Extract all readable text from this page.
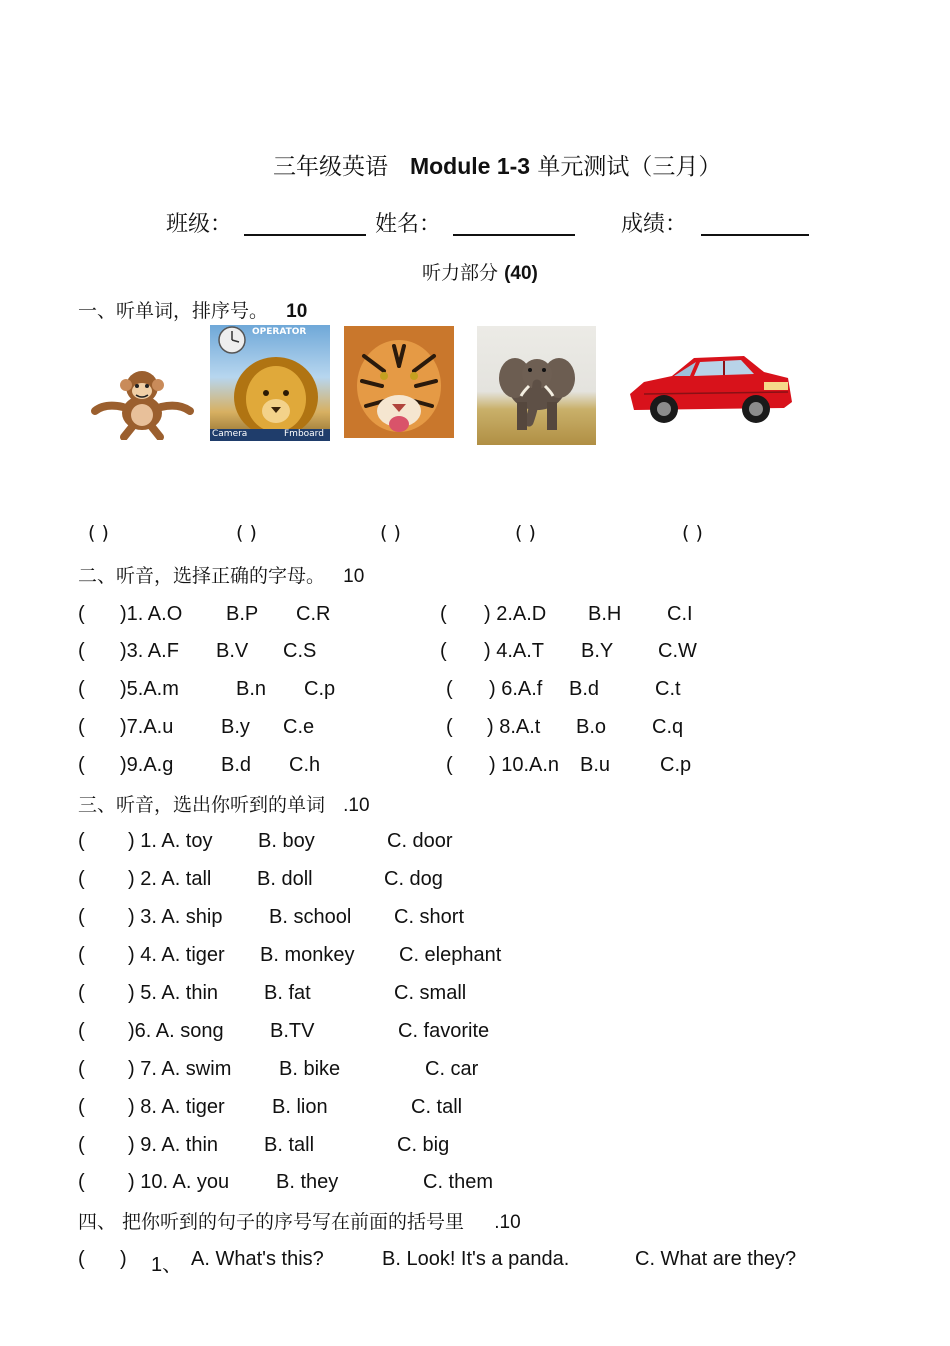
三年级英语 Module 1-3 单元测试（三月）
班级：	姓名：	成绩：
听力部分 (40)
一、听单词，排序号。 10
OPERATOR
Camera	Fmboard
( )	( )	( )	( )	( )
二、听音，选择正确的字母。 10
( )1. A.O B.P C.R	( ) 2.A.D B.H C.I
( )3. A.F B.V C.S	( ) 4.A.T B.Y C.W
( )5.A.m	B.n C.p	( ) 6.A.f B.d	C.t
( )7.A.u B.y C.e	( ) 8.A.t B.o C.q
( )9.A.g B.d C.h	( ) 10.A.n B.u C.p
三、听音，选出你听到的单词 .10
( ) 1. A. toy B. boy	C. door
( ) 2. A. tall B. doll	C. dog
( ) 3. A. ship B. school C. short
( ) 4. A. tiger B. monkey C. elephant
( ) 5. A. thin B. fat	C. small
( )6. A. song B.TV	C. favorite
( ) 7. A. swim B. bike	C. car
( ) 8. A. tiger B. lion	C. tall
( ) 9. A. thin B. tall	C. big
( ) 10. A. you B. they	C. them
四、 把你听到的句子的序号写在前面的括号里 .10
( ) 1、 A. What's this?	B. Look! It's a panda.	C. What are they?
